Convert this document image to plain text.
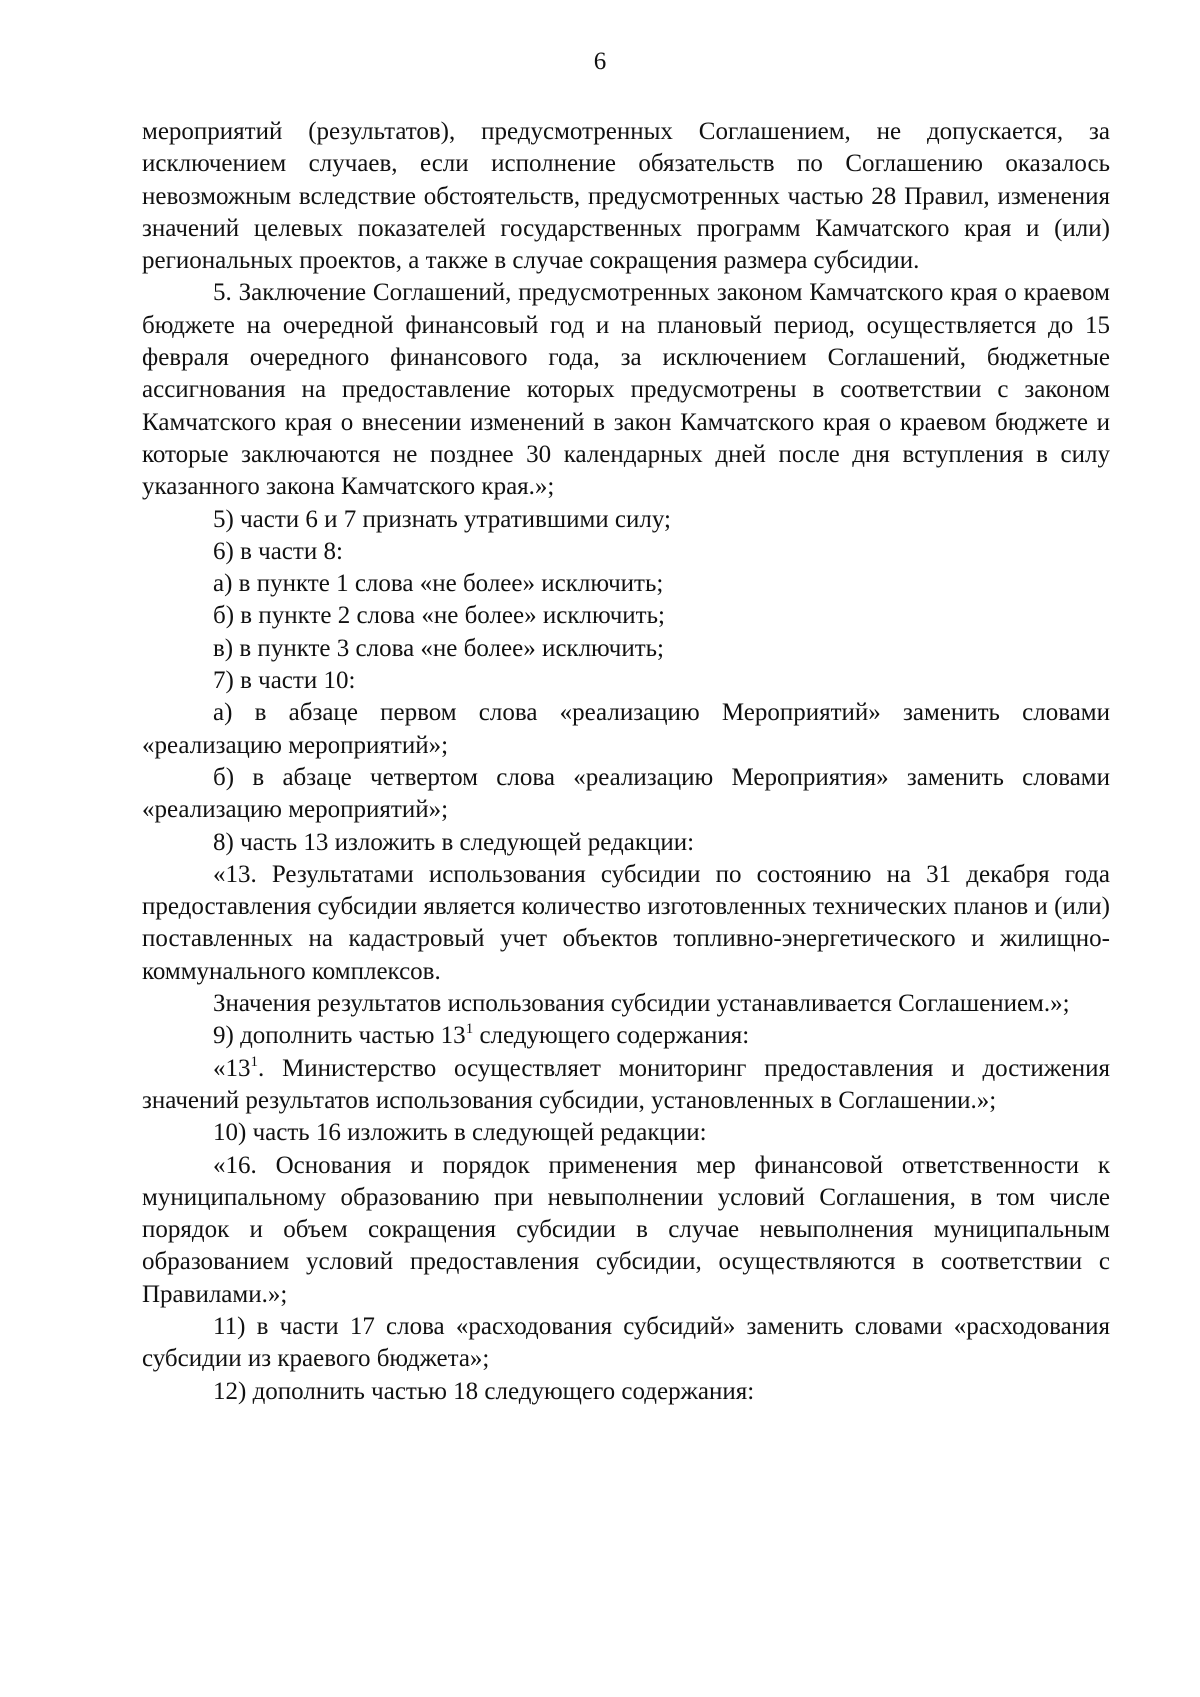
6

мероприятий (результатов), предусмотренных Соглашением, не допускается, за исключением случаев, если исполнение обязательств по Соглашению оказалось невозможным вследствие обстоятельств, предусмотренных частью 28 Правил, изменения значений целевых показателей государственных программ Камчатского края и (или) региональных проектов, а также в случае сокращения размера субсидии.

5. Заключение Соглашений, предусмотренных законом Камчатского края о краевом бюджете на очередной финансовый год и на плановый период, осуществляется до 15 февраля очередного финансового года, за исключением Соглашений, бюджетные ассигнования на предоставление которых предусмотрены в соответствии с законом Камчатского края о внесении изменений в закон Камчатского края о краевом бюджете и которые заключаются не позднее 30 календарных дней после дня вступления в силу указанного закона Камчатского края.»;

5) части 6 и 7 признать утратившими силу;

6) в части 8:

а) в пункте 1 слова «не более» исключить;

б) в пункте 2 слова «не более» исключить;

в) в пункте 3 слова «не более» исключить;

7) в части 10:

а) в абзаце первом слова «реализацию Мероприятий» заменить словами «реализацию мероприятий»;

б) в абзаце четвертом слова «реализацию Мероприятия» заменить словами «реализацию мероприятий»;

8) часть 13 изложить в следующей редакции:

«13. Результатами использования субсидии по состоянию на 31 декабря года предоставления субсидии является количество изготовленных технических планов и (или) поставленных на кадастровый учет объектов топливно-энергетического и жилищно-коммунального комплексов.

Значения результатов использования субсидии устанавливается Соглашением.»;

9) дополнить частью $13^1$ следующего содержания:

«$13^1$. Министерство осуществляет мониторинг предоставления и достижения значений результатов использования субсидии, установленных в Соглашении.»;

10) часть 16 изложить в следующей редакции:

«16. Основания и порядок применения мер финансовой ответственности к муниципальному образованию при невыполнении условий Соглашения, в том числе порядок и объем сокращения субсидии в случае невыполнения муниципальным образованием условий предоставления субсидии, осуществляются в соответствии с Правилами.»;

11) в части 17 слова «расходования субсидий» заменить словами «расходования субсидии из краевого бюджета»;

12) дополнить частью 18 следующего содержания:
